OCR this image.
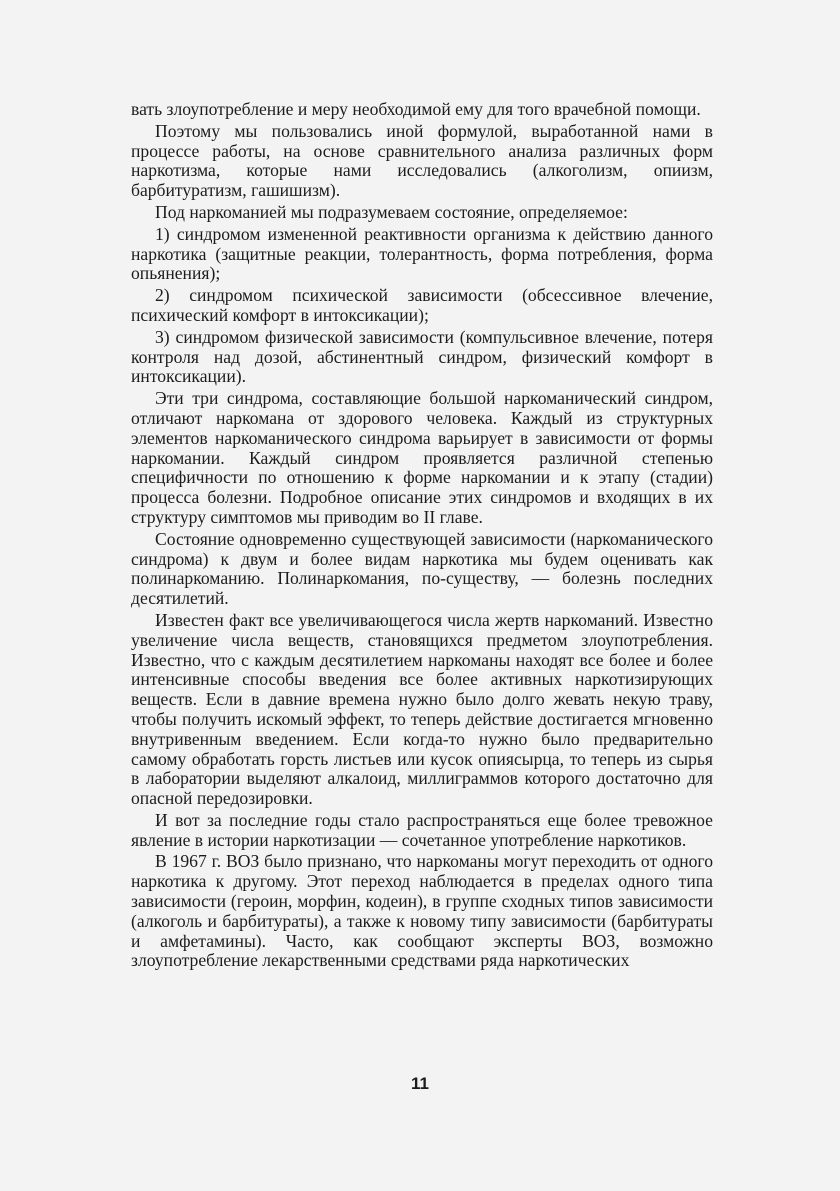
вать злоупотребление и меру необходимой ему для того врачебной помощи.

Поэтому мы пользовались иной формулой, выработанной нами в процессе работы, на основе сравнительного анализа различных форм наркотизма, которые нами исследовались (алкоголизм, опиизм, барбитуратизм, гашишизм).

Под наркоманией мы подразумеваем состояние, определяемое:

1) синдромом измененной реактивности организма к действию данного наркотика (защитные реакции, толерантность, форма потребления, форма опьянения);

2) синдромом психической зависимости (обсессивное влечение, психический комфорт в интоксикации);

3) синдромом физической зависимости (компульсивное влечение, потеря контроля над дозой, абстинентный синдром, физический комфорт в интоксикации).

Эти три синдрома, составляющие большой наркоманический синдром, отличают наркомана от здорового человека. Каждый из структурных элементов наркоманического синдрома варьирует в зависимости от формы наркомании. Каждый синдром проявляется различной степенью специфичности по отношению к форме наркомании и к этапу (стадии) процесса болезни. Подробное описание этих синдромов и входящих в их структуру симптомов мы приводим во II главе.

Состояние одновременно существующей зависимости (наркоманического синдрома) к двум и более видам наркотика мы будем оценивать как полинаркоманию. Полинаркомания, по-существу, — болезнь последних десятилетий.

Известен факт все увеличивающегося числа жертв наркоманий. Известно увеличение числа веществ, становящихся предметом злоупотребления. Известно, что с каждым десятилетием наркоманы находят все более и более интенсивные способы введения все более активных наркотизирующих веществ. Если в давние времена нужно было долго жевать некую траву, чтобы получить искомый эффект, то теперь действие достигается мгновенно внутривенным введением. Если когда-то нужно было предварительно самому обработать горсть листьев или кусок опиясырца, то теперь из сырья в лаборатории выделяют алкалоид, миллиграммов которого достаточно для опасной передозировки.

И вот за последние годы стало распространяться еще более тревожное явление в истории наркотизации — сочетанное употребление наркотиков.

В 1967 г. ВОЗ было признано, что наркоманы могут переходить от одного наркотика к другому. Этот переход наблюдается в пределах одного типа зависимости (героин, морфин, кодеин), в группе сходных типов зависимости (алкоголь и барбитураты), а также к новому типу зависимости (барбитураты и амфетамины). Часто, как сообщают эксперты ВОЗ, возможно злоупотребление лекарственными средствами ряда наркотических

11
